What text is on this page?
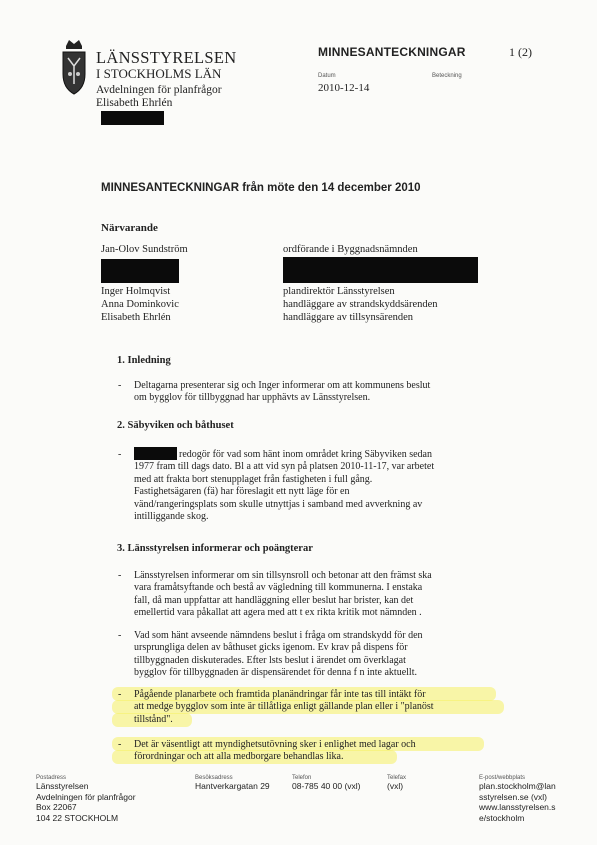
LÄNSSTYRELSEN
I STOCKHOLMS LÄN
Avdelningen för planfrågor
Elisabeth Ehrlén
MINNESANTECKNINGAR	1 (2)
Datum	Beteckning
2010-12-14
MINNESANTECKNINGAR från möte den 14 december 2010
Närvarande
Jan-Olov Sundström	ordförande i Byggnadsnämnden
Inger Holmqvist	plandirektör Länsstyrelsen
Anna Dominkovic	handläggare av strandskyddsärenden
Elisabeth Ehrlén	handläggare av tillsynsärenden
1. Inledning
- Deltagarna presenterar sig och Inger informerar om att kommunens beslut
om bygglov för tillbyggnad har upphävts av Länsstyrelsen.
2. Säbyviken och båthuset
-	redogör för vad som hänt inom området kring Säbyviken sedan
1977 fram till dags dato. Bl a att vid syn på platsen 2010-11-17, var arbetet
med att frakta bort stenupplaget från fastigheten i full gång.
Fastighetsägaren (fä) har föreslagit ett nytt läge för en
vänd/rangeringsplats som skulle utnyttjas i samband med avverkning av
intilliggande skog.
3. Länsstyrelsen informerar och poängterar
- Länsstyrelsen informerar om sin tillsynsroll och betonar att den främst ska
vara framåtsyftande och bestå av vägledning till kommunerna. I enstaka
fall, då man uppfattar att handläggning eller beslut har brister, kan det
emellertid vara påkallat att agera med att t ex rikta kritik mot nämnden .
- Vad som hänt avseende nämndens beslut i fråga om strandskydd för den
ursprungliga delen av båthuset gicks igenom. Ev krav på dispens för
tillbyggnaden diskuterades. Efter lsts beslut i ärendet om överklagat
bygglov för tillbyggnaden är dispensärendet för denna f n inte aktuellt.
- Pågående planarbete och framtida planändringar får inte tas till intäkt för
att medge bygglov som inte är tillåtliga enligt gällande plan eller i "planöst
tillstånd".
- Det är väsentligt att myndighetsutövning sker i enlighet med lagar och
förordningar och att alla medborgare behandlas lika.
Postadress
Länsstyrelsen
Avdelningen för planfrågor
Box 22067
104 22 STOCKHOLM
Besöksadress
Hantverkargatan 29
Telefon
08-785 40 00 (vxl)
Telefax
(vxl)
E-post/webbplats
plan.stockholm@lan
sstyrelsen.se (vxl)
www.lansstyrelsen.s
e/stockholm
